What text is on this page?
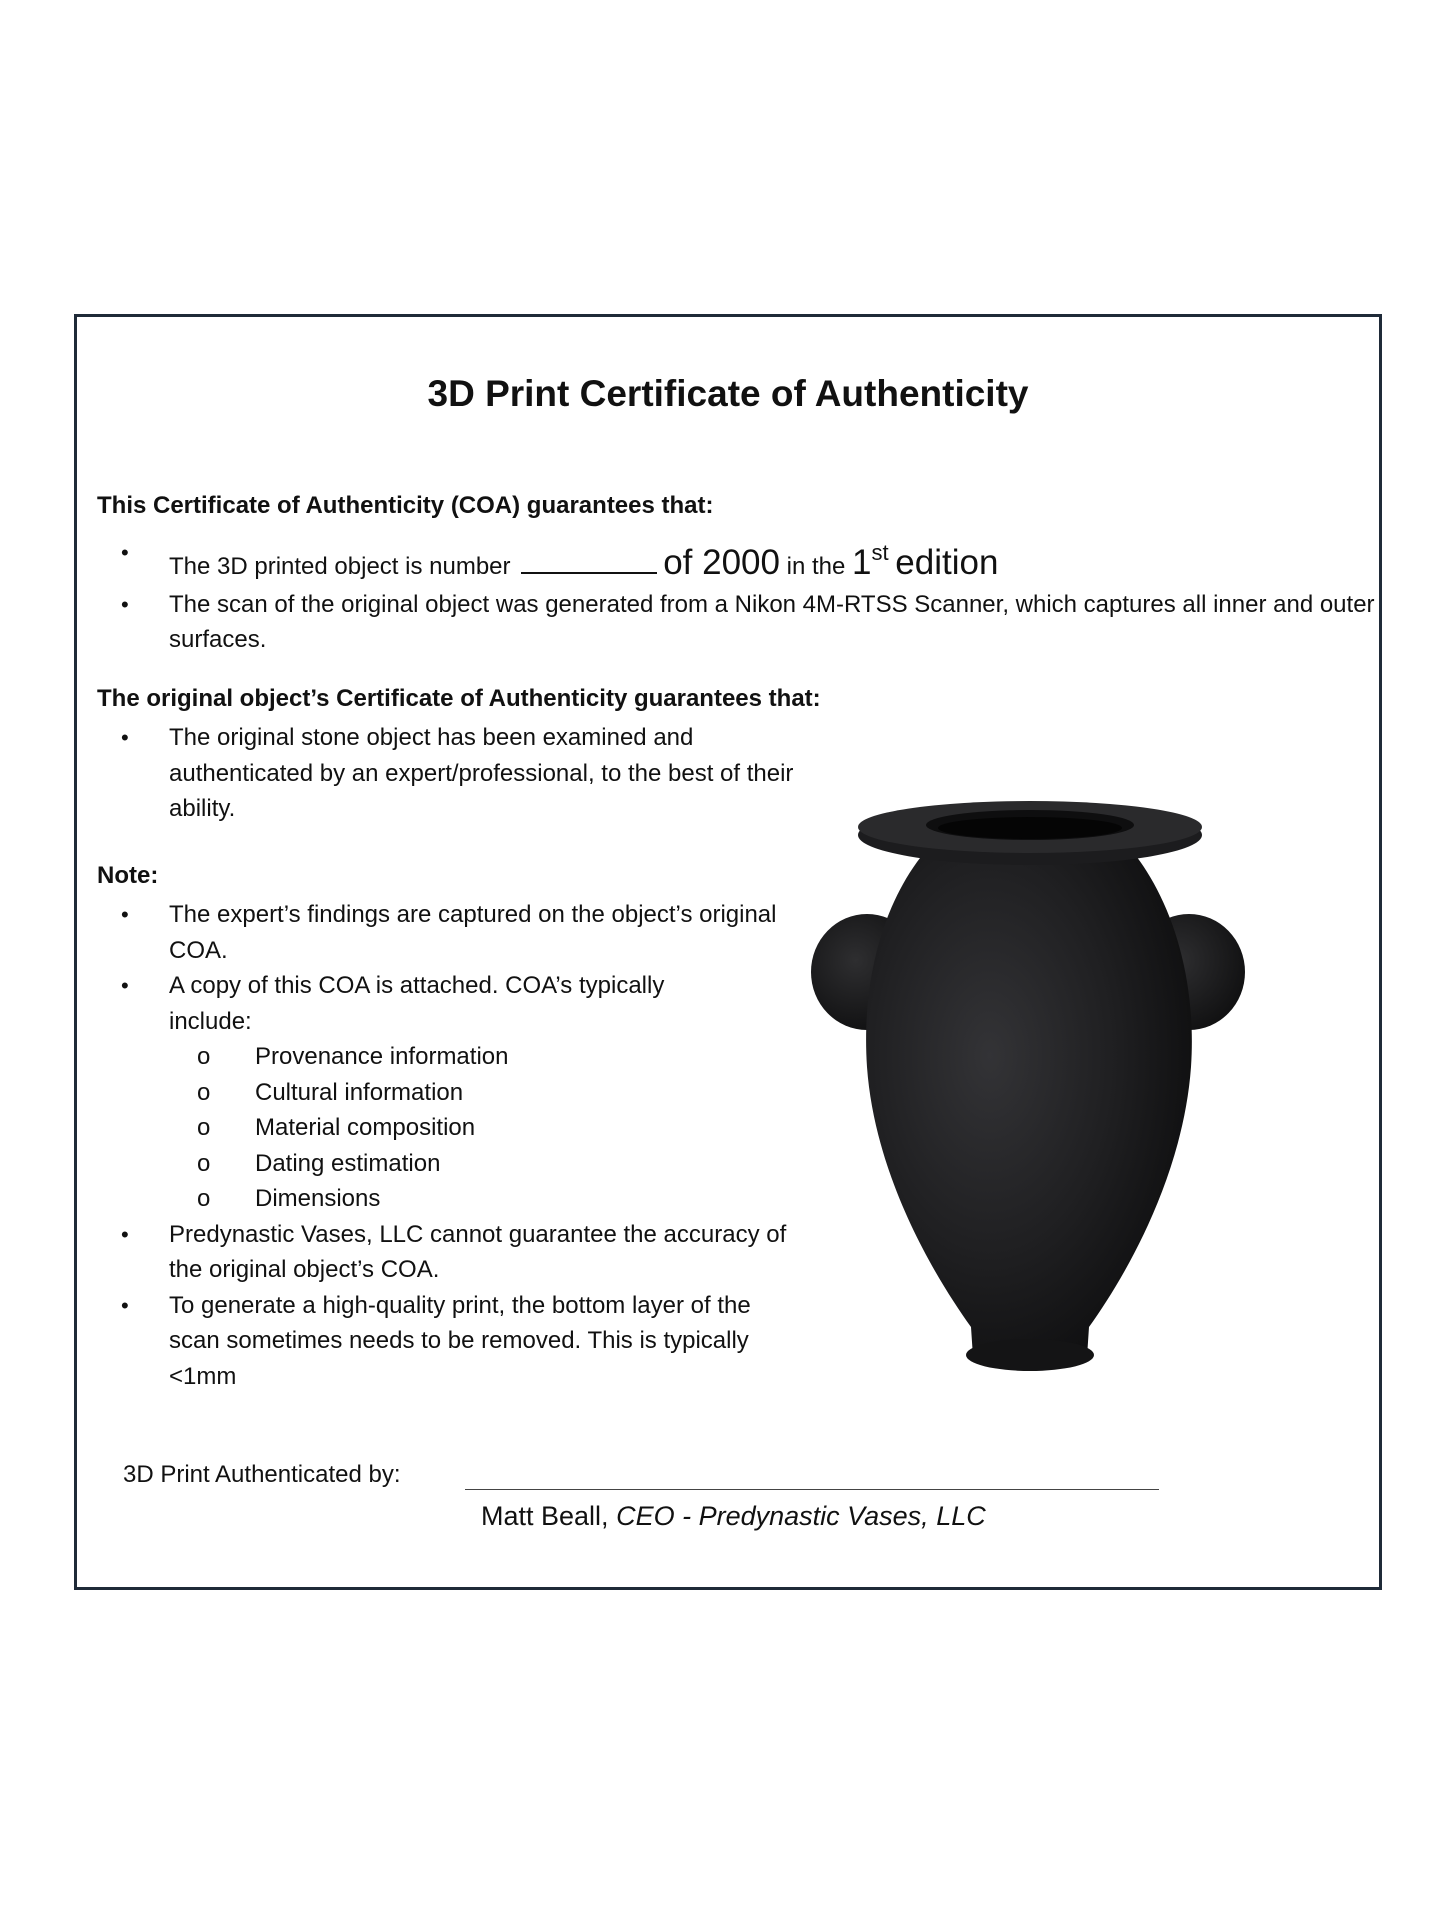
3D Print Certificate of Authenticity

This Certificate of Authenticity (COA) guarantees that:

•
The 3D printed object is number	of 2000 in the 1st edition
• The scan of the original object was generated from a Nikon 4M-RTSS Scanner, which captures all inner and outer surfaces.

The original object’s Certificate of Authenticity guarantees that:

• The original stone object has been examined and authenticated by an expert/professional, to the best of their ability.

Note:

• The expert’s findings are captured on the object’s original COA.
• A copy of this COA is attached. COA’s typically include:
o Provenance information
o Cultural information
o Material composition
o Dating estimation
o Dimensions
• Predynastic Vases, LLC cannot guarantee the accuracy of the original object’s COA.
• To generate a high-quality print, the bottom layer of the scan sometimes needs to be removed. This is typically <1mm
3D Print Authenticated by:
Matt Beall, CEO - Predynastic Vases, LLC
